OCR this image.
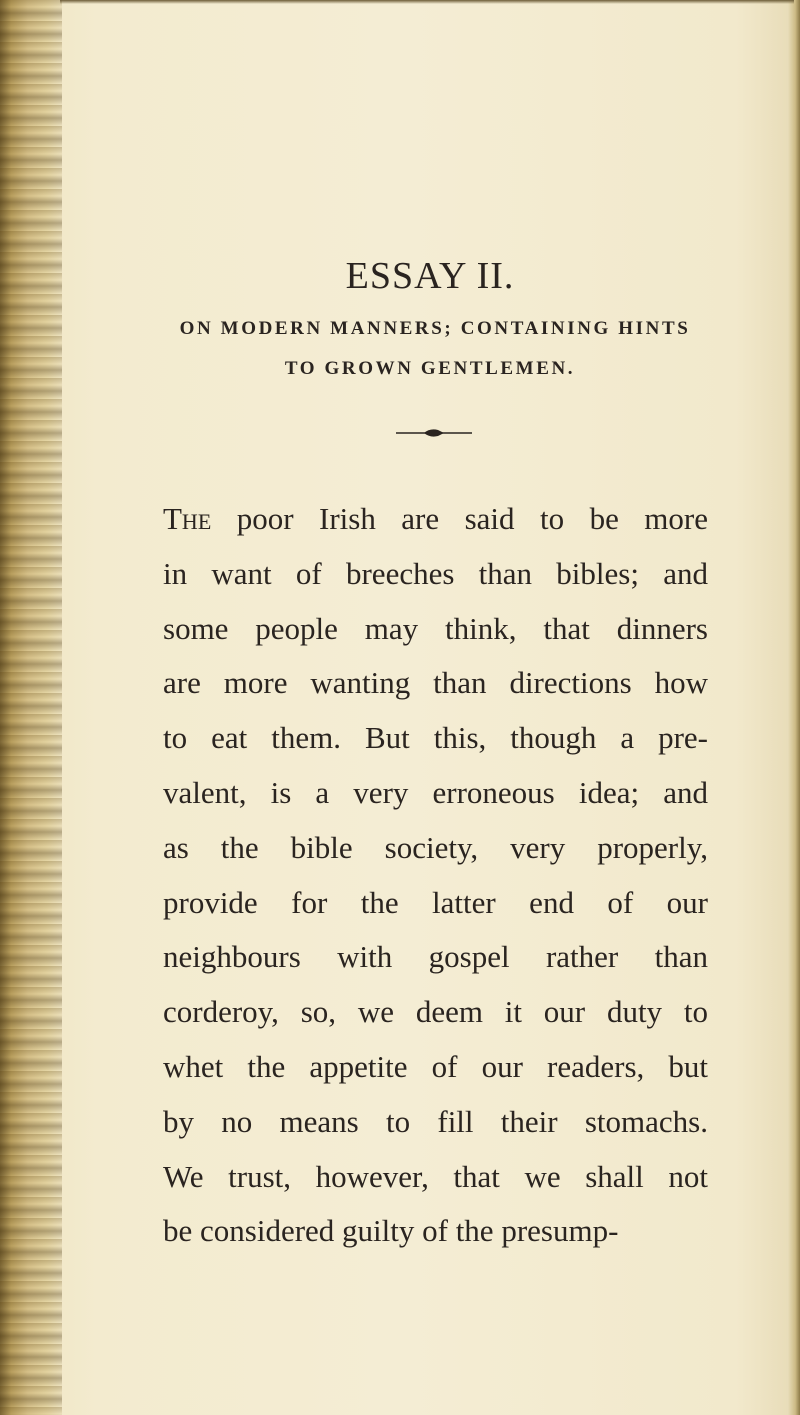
ESSAY II.
ON MODERN MANNERS; CONTAINING HINTS
TO GROWN GENTLEMEN.
The poor Irish are said to be more
in want of breeches than bibles; and
some people may think, that dinners
are more wanting than directions how
to eat them. But this, though a pre-
valent, is a very erroneous idea; and
as the bible society, very properly,
provide for the latter end of our
neighbours with gospel rather than
corderoy, so, we deem it our duty to
whet the appetite of our readers, but
by no means to fill their stomachs.
We trust, however, that we shall not
be considered guilty of the presump-
